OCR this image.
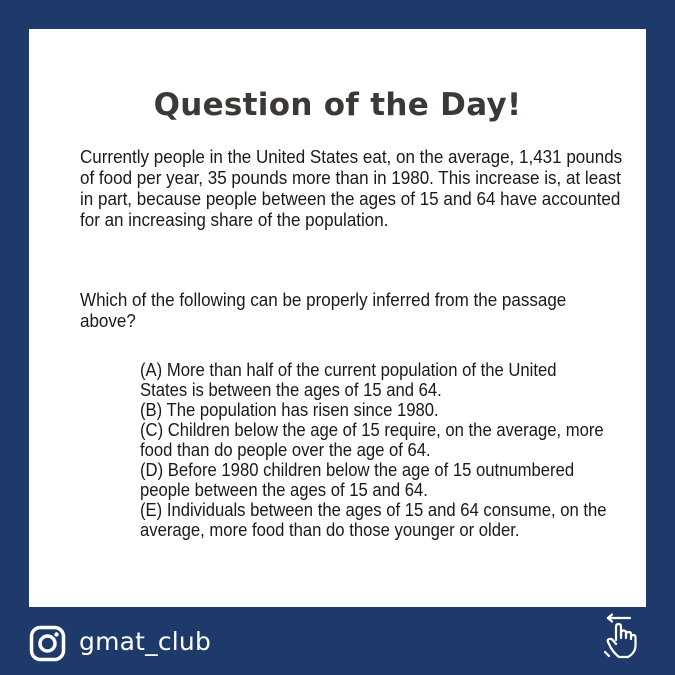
Question of the Day!

Currently people in the United States eat, on the average, 1,431 pounds of food per year, 35 pounds more than in 1980. This increase is, at least in part, because people between the ages of 15 and 64 have accounted for an increasing share of the population.

Which of the following can be properly inferred from the passage above?

(A) More than half of the current population of the United States is between the ages of 15 and 64.
(B) The population has risen since 1980.
(C) Children below the age of 15 require, on the average, more food than do people over the age of 64.
(D) Before 1980 children below the age of 15 outnumbered people between the ages of 15 and 64.
(E) Individuals between the ages of 15 and 64 consume, on the average, more food than do those younger or older.
gmat_club
